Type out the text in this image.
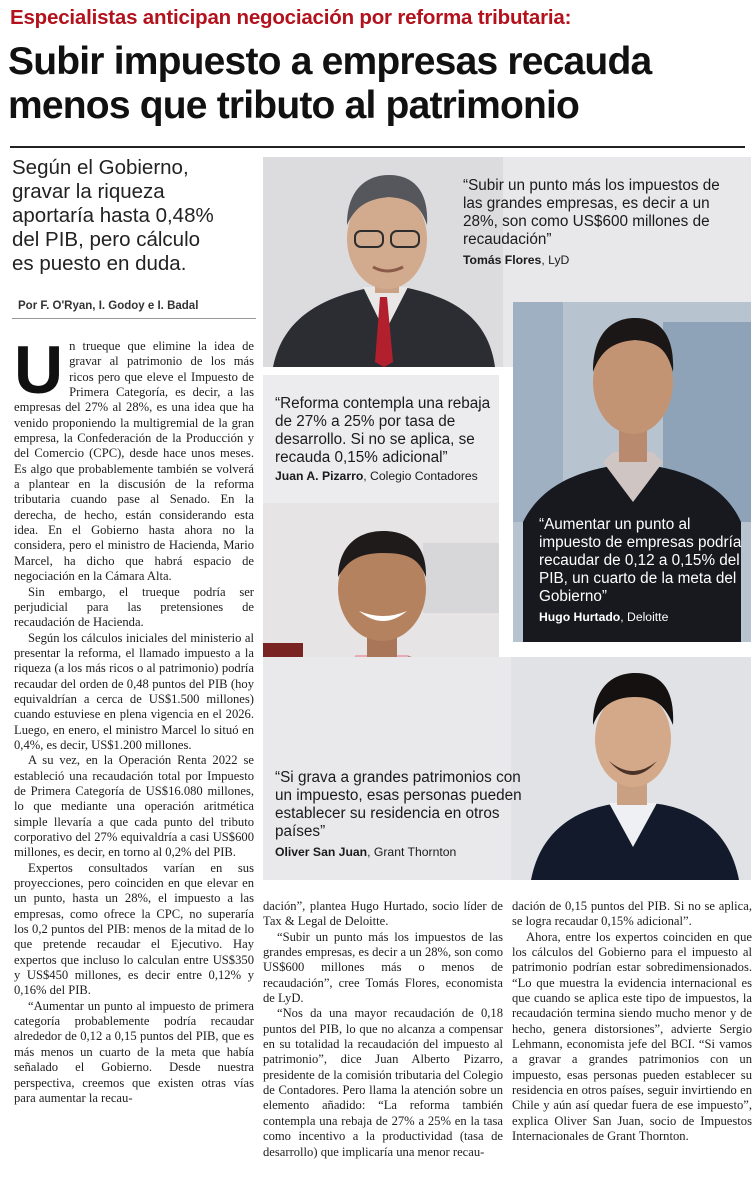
Especialistas anticipan negociación por reforma tributaria:
Subir impuesto a empresas recauda
menos que tributo al patrimonio
Según el Gobierno,
gravar la riqueza
aportaría hasta 0,48%
del PIB, pero cálculo
es puesto en duda.
Por F. O'Ryan, I. Godoy e I. Badal

Un trueque que elimine la idea de gravar al patrimonio de los más ricos pero que eleve el Impuesto de Primera Categoría, es decir, a las empresas del 27% al 28%, es una idea que ha venido proponiendo la multigremial de la gran empresa, la Confederación de la Producción y del Comercio (CPC), desde hace unos meses. Es algo que probablemente también se volverá a plantear en la discusión de la reforma tributaria cuando pase al Senado. En la derecha, de hecho, están considerando esta idea. En el Gobierno hasta ahora no la considera, pero el ministro de Hacienda, Mario Marcel, ha dicho que habrá espacio de negociación en la Cámara Alta.

Sin embargo, el trueque podría ser perjudicial para las pretensiones de recaudación de Hacienda.

Según los cálculos iniciales del ministerio al presentar la reforma, el llamado impuesto a la riqueza (a los más ricos o al patrimonio) podría recaudar del orden de 0,48 puntos del PIB (hoy equivaldrían a cerca de US$1.500 millones) cuando estuviese en plena vigencia en el 2026. Luego, en enero, el ministro Marcel lo situó en 0,4%, es decir, US$1.200 millones.

A su vez, en la Operación Renta 2022 se estableció una recaudación total por Impuesto de Primera Categoría de US$16.080 millones, lo que mediante una operación aritmética simple llevaría a que cada punto del tributo corporativo del 27% equivaldría a casi US$600 millones, es decir, en torno al 0,2% del PIB.

Expertos consultados varían en sus proyecciones, pero coinciden en que elevar en un punto, hasta un 28%, el impuesto a las empresas, como ofrece la CPC, no superaría los 0,2 puntos del PIB: menos de la mitad de lo que pretende recaudar el Ejecutivo. Hay expertos que incluso lo calculan entre US$350 y US$450 millones, es decir entre 0,12% y 0,16% del PIB.

“Aumentar un punto al impuesto de primera categoría probablemente podría recaudar alrededor de 0,12 a 0,15 puntos del PIB, que es más menos un cuarto de la meta que había señalado el Gobierno. Desde nuestra perspectiva, creemos que existen otras vías para aumentar la recau-

“Subir un punto más los impuestos de las grandes empresas, es decir a un 28%, son como US$600 millones de recaudación”
Tomás Flores, LyD
“Reforma contempla una rebaja de 27% a 25% por tasa de desarrollo. Si no se aplica, se recauda 0,15% adicional”
Juan A. Pizarro, Colegio Contadores
“Aumentar un punto al impuesto de empresas podría recaudar de 0,12 a 0,15% del PIB, un cuarto de la meta del Gobierno”
Hugo Hurtado, Deloitte
“Si grava a grandes patrimonios con un impuesto, esas personas pueden establecer su residencia en otros países”
Oliver San Juan, Grant Thornton

dación”, plantea Hugo Hurtado, socio líder de Tax & Legal de Deloitte.

“Subir un punto más los impuestos de las grandes empresas, es decir a un 28%, son como US$600 millones más o menos de recaudación”, cree Tomás Flores, economista de LyD.

“Nos da una mayor recaudación de 0,18 puntos del PIB, lo que no alcanza a compensar en su totalidad la recaudación del impuesto al patrimonio”, dice Juan Alberto Pizarro, presidente de la comisión tributaria del Colegio de Contadores. Pero llama la atención sobre un elemento añadido: “La reforma también contempla una rebaja de 27% a 25% en la tasa como incentivo a la productividad (tasa de desarrollo) que implicaría una menor recau-

dación de 0,15 puntos del PIB. Si no se aplica, se logra recaudar 0,15% adicional”.

Ahora, entre los expertos coinciden en que los cálculos del Gobierno para el impuesto al patrimonio podrían estar sobredimensionados. “Lo que muestra la evidencia internacional es que cuando se aplica este tipo de impuestos, la recaudación termina siendo mucho menor y de hecho, genera distorsiones”, advierte Sergio Lehmann, economista jefe del BCI. “Si vamos a gravar a grandes patrimonios con un impuesto, esas personas pueden establecer su residencia en otros países, seguir invirtiendo en Chile y aún así quedar fuera de ese impuesto”, explica Oliver San Juan, socio de Impuestos Internacionales de Grant Thornton.
